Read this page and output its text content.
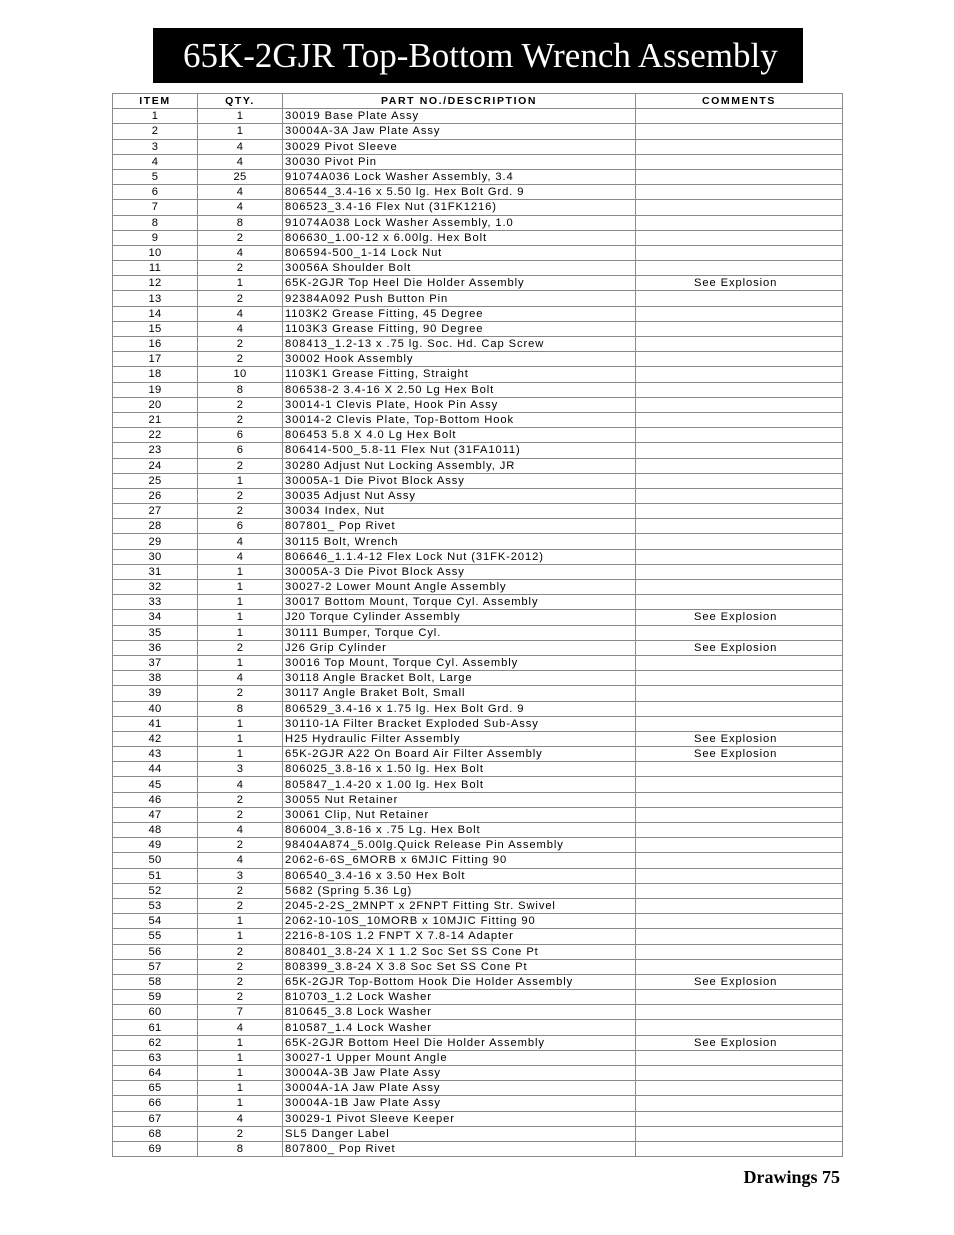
65K-2GJR Top-Bottom Wrench Assembly
ITEM	QTY.	PART NO./DESCRIPTION	COMMENTS
1	1	30019 Base Plate Assy	
2	1	30004A-3A Jaw Plate Assy	
3	4	30029 Pivot Sleeve	
4	4	30030 Pivot Pin	
5	25	91074A036 Lock Washer Assembly, 3.4	
6	4	806544_3.4-16 x 5.50 lg. Hex Bolt Grd. 9	
7	4	806523_3.4-16 Flex Nut (31FK1216)	
8	8	91074A038 Lock Washer Assembly, 1.0	
9	2	806630_1.00-12 x 6.00lg. Hex Bolt	
10	4	806594-500_1-14 Lock Nut	
11	2	30056A Shoulder Bolt	
12	1	65K-2GJR Top Heel Die Holder Assembly	See Explosion
13	2	92384A092 Push Button Pin	
14	4	1103K2 Grease Fitting, 45 Degree	
15	4	1103K3 Grease Fitting, 90 Degree	
16	2	808413_1.2-13 x .75 lg. Soc. Hd. Cap Screw	
17	2	30002 Hook Assembly	
18	10	1103K1 Grease Fitting, Straight	
19	8	806538-2 3.4-16 X 2.50 Lg Hex Bolt	
20	2	30014-1 Clevis Plate, Hook Pin Assy	
21	2	30014-2 Clevis Plate, Top-Bottom Hook	
22	6	806453 5.8 X 4.0 Lg Hex Bolt	
23	6	806414-500_5.8-11 Flex Nut (31FA1011)	
24	2	30280 Adjust Nut Locking Assembly, JR	
25	1	30005A-1 Die Pivot Block Assy	
26	2	30035 Adjust Nut Assy	
27	2	30034 Index, Nut	
28	6	807801_ Pop Rivet	
29	4	30115 Bolt, Wrench	
30	4	806646_1.1.4-12 Flex Lock Nut (31FK-2012)	
31	1	30005A-3 Die Pivot Block Assy	
32	1	30027-2 Lower Mount Angle Assembly	
33	1	30017 Bottom Mount, Torque Cyl. Assembly	
34	1	J20 Torque Cylinder Assembly	See Explosion
35	1	30111 Bumper, Torque Cyl.	
36	2	J26 Grip Cylinder	See Explosion
37	1	30016 Top Mount, Torque Cyl. Assembly	
38	4	30118 Angle Bracket Bolt, Large	
39	2	30117 Angle Braket Bolt, Small	
40	8	806529_3.4-16 x 1.75 lg. Hex Bolt Grd. 9	
41	1	30110-1A Filter Bracket Exploded Sub-Assy	
42	1	H25 Hydraulic Filter Assembly	See Explosion
43	1	65K-2GJR A22 On Board Air Filter Assembly	See Explosion
44	3	806025_3.8-16 x 1.50 lg. Hex Bolt	
45	4	805847_1.4-20 x 1.00 lg. Hex Bolt	
46	2	30055 Nut Retainer	
47	2	30061 Clip, Nut Retainer	
48	4	806004_3.8-16 x .75 Lg. Hex Bolt	
49	2	98404A874_5.00lg.Quick Release Pin Assembly	
50	4	2062-6-6S_6MORB x 6MJIC Fitting 90	
51	3	806540_3.4-16 x 3.50 Hex Bolt	
52	2	5682 (Spring 5.36 Lg)	
53	2	2045-2-2S_2MNPT x 2FNPT Fitting Str. Swivel	
54	1	2062-10-10S_10MORB x 10MJIC Fitting 90	
55	1	2216-8-10S 1.2 FNPT X 7.8-14 Adapter	
56	2	808401_3.8-24 X 1 1.2 Soc Set SS Cone Pt	
57	2	808399_3.8-24 X 3.8 Soc Set SS Cone Pt	
58	2	65K-2GJR Top-Bottom Hook Die Holder Assembly	See Explosion
59	2	810703_1.2 Lock Washer	
60	7	810645_3.8 Lock Washer	
61	4	810587_1.4 Lock Washer	
62	1	65K-2GJR Bottom Heel Die Holder Assembly	See Explosion
63	1	30027-1 Upper Mount Angle	
64	1	30004A-3B Jaw Plate Assy	
65	1	30004A-1A Jaw Plate Assy	
66	1	30004A-1B Jaw Plate Assy	
67	4	30029-1 Pivot Sleeve Keeper	
68	2	SL5 Danger Label	
69	8	807800_ Pop Rivet	
Drawings 75
